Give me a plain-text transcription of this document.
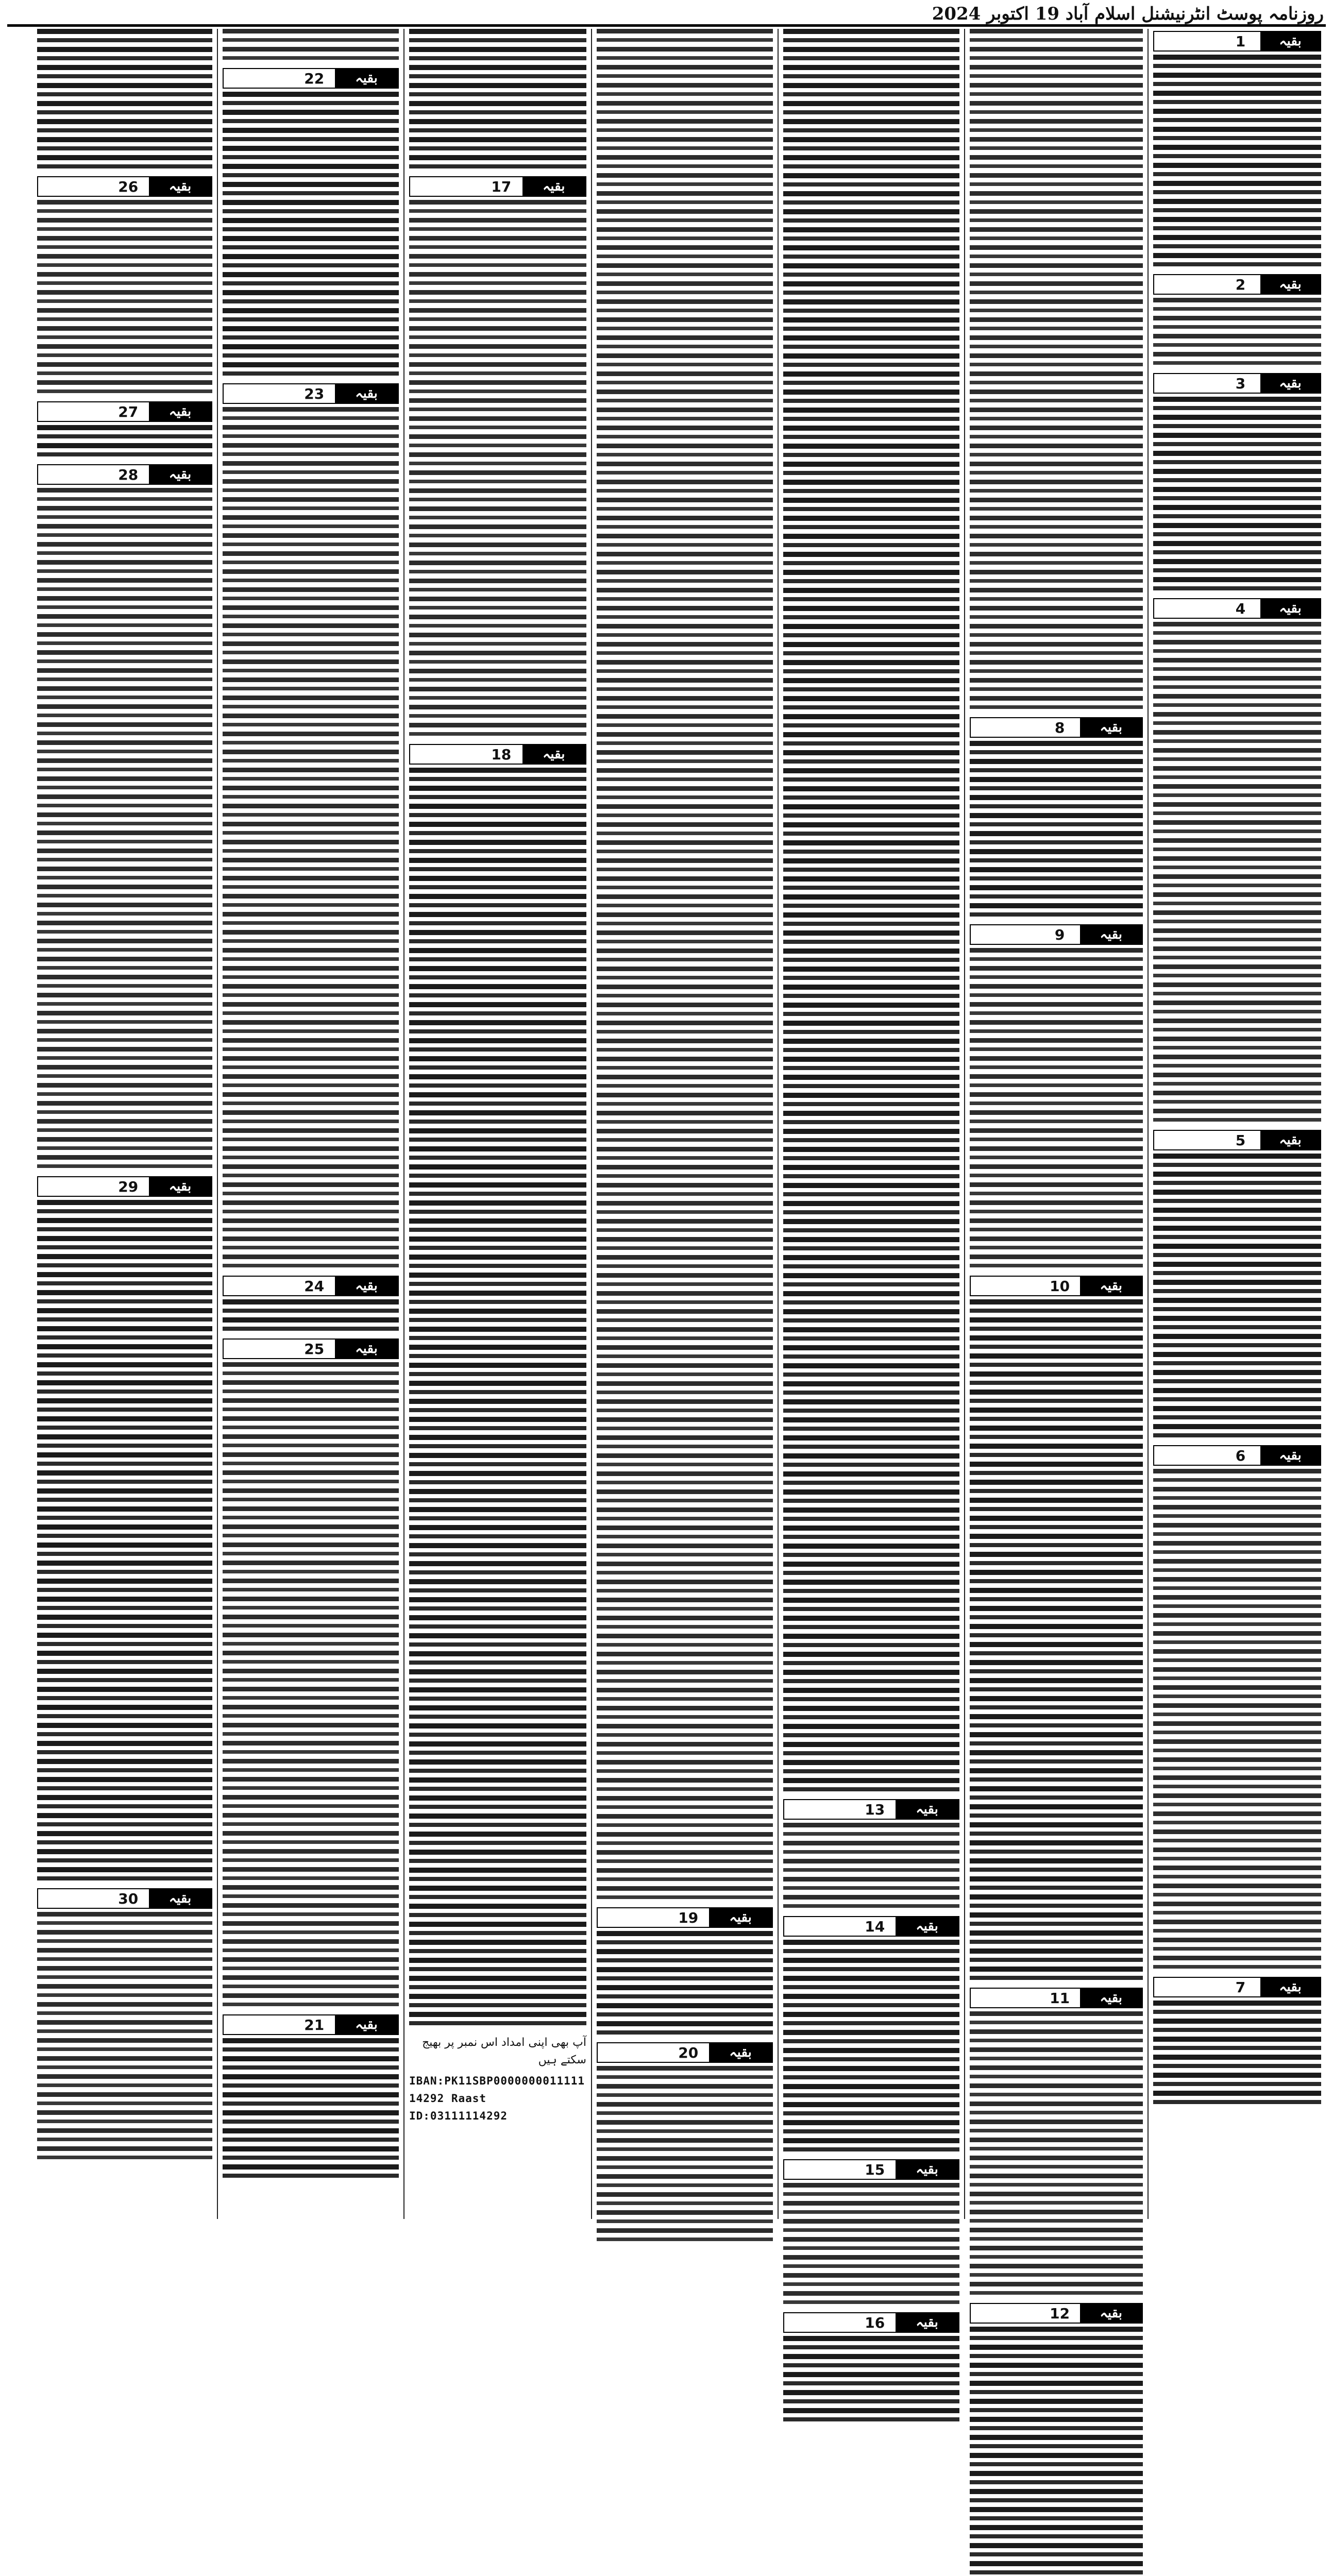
روزنامہ پوسٹ انٹرنیشنل اسلام آباد 19 اکتوبر 2024
بقیہ
1
بقیہ
2
بقیہ
3
بقیہ
4
بقیہ
5
بقیہ
6
بقیہ
7
بقیہ
8
بقیہ
9
بقیہ
10
بقیہ
11
بقیہ
12
بقیہ
13
بقیہ
14
بقیہ
15
بقیہ
16
بقیہ
19
بقیہ
20
بقیہ
17
بقیہ
18
آپ بھی اپنی امداد اس نمبر پر بھیج سکتے ہیں
IBAN:PK11SBP0000000011111 14292 Raast ID:03111114292
بقیہ
22
بقیہ
23
بقیہ
24
بقیہ
25
بقیہ
21
بقیہ
26
بقیہ
27
بقیہ
28
بقیہ
29
بقیہ
30
